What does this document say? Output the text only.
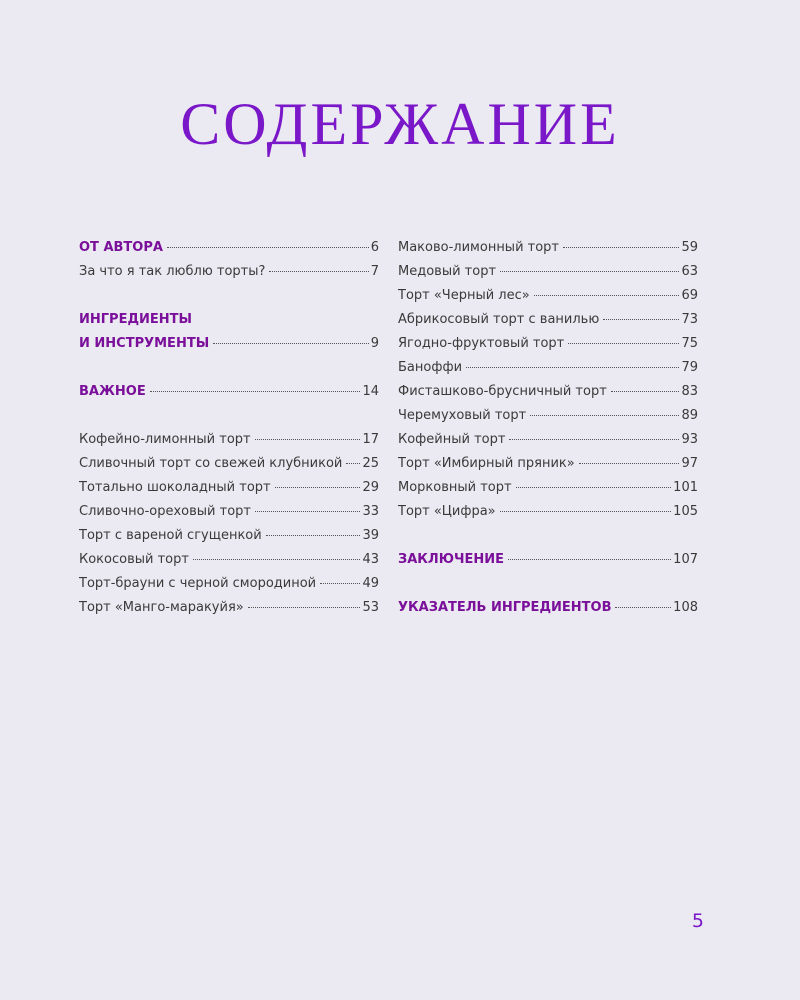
СОДЕРЖАНИЕ
ОТ АВТОРА	6
За что я так люблю торты?	7
ИНГРЕДИЕНТЫ
И ИНСТРУМЕНТЫ	9
ВАЖНОЕ	14
Кофейно-лимонный торт	17
Сливочный торт со свежей клубникой 25
Тотально шоколадный торт	29
Сливочно-ореховый торт	33
Торт с вареной сгущенкой	39
Кокосовый торт	43
Торт-брауни с черной смородиной	49
Торт «Манго-маракуйя»	53
Маково-лимонный торт	59
Медовый торт	63
Торт «Черный лес»	69
Абрикосовый торт с ванилью	73
Ягодно-фруктовый торт	75
Баноффи	79
Фисташково-брусничный торт	83
Черемуховый торт	89
Кофейный торт	93
Торт «Имбирный пряник»	97
Морковный торт	101
Торт «Цифра»	105
ЗАКЛЮЧЕНИЕ	107
УКАЗАТЕЛЬ ИНГРЕДИЕНТОВ	108
5
